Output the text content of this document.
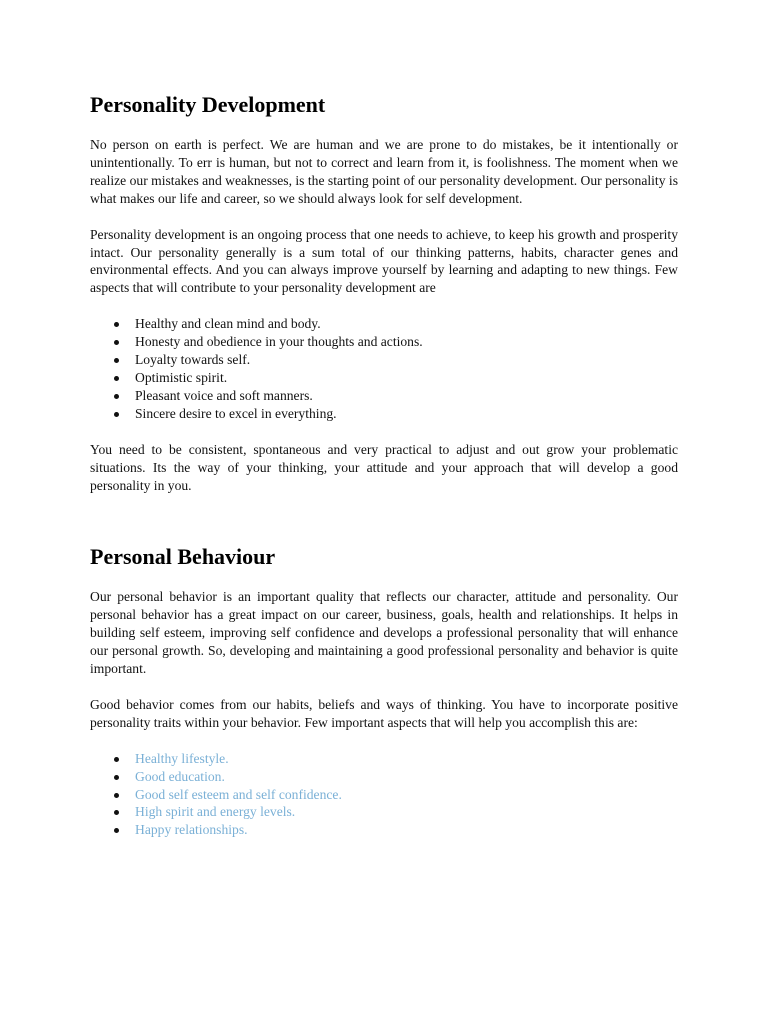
Personality Development

No person on earth is perfect. We are human and we are prone to do mistakes, be it intentionally or unintentionally. To err is human, but not to correct and learn from it, is foolishness. The moment when we realize our mistakes and weaknesses, is the starting point of our personality development. Our personality is what makes our life and career, so we should always look for self development.

Personality development is an ongoing process that one needs to achieve, to keep his growth and prosperity intact. Our personality generally is a sum total of our thinking patterns, habits, character genes and environmental effects. And you can always improve yourself by learning and adapting to new things. Few aspects that will contribute to your personality development are

Healthy and clean mind and body.
Honesty and obedience in your thoughts and actions.
Loyalty towards self.
Optimistic spirit.
Pleasant voice and soft manners.
Sincere desire to excel in everything.

You need to be consistent, spontaneous and very practical to adjust and out grow your problematic situations. Its the way of your thinking, your attitude and your approach that will develop a good personality in you.

Personal Behaviour

Our personal behavior is an important quality that reflects our character, attitude and personality. Our personal behavior has a great impact on our career, business, goals, health and relationships. It helps in building self esteem, improving self confidence and develops a professional personality that will enhance our personal growth. So, developing and maintaining a good professional personality and behavior is quite important.

Good behavior comes from our habits, beliefs and ways of thinking. You have to incorporate positive personality traits within your behavior. Few important aspects that will help you accomplish this are:

Healthy lifestyle.
Good education.
Good self esteem and self confidence.
High spirit and energy levels.
Happy relationships.
